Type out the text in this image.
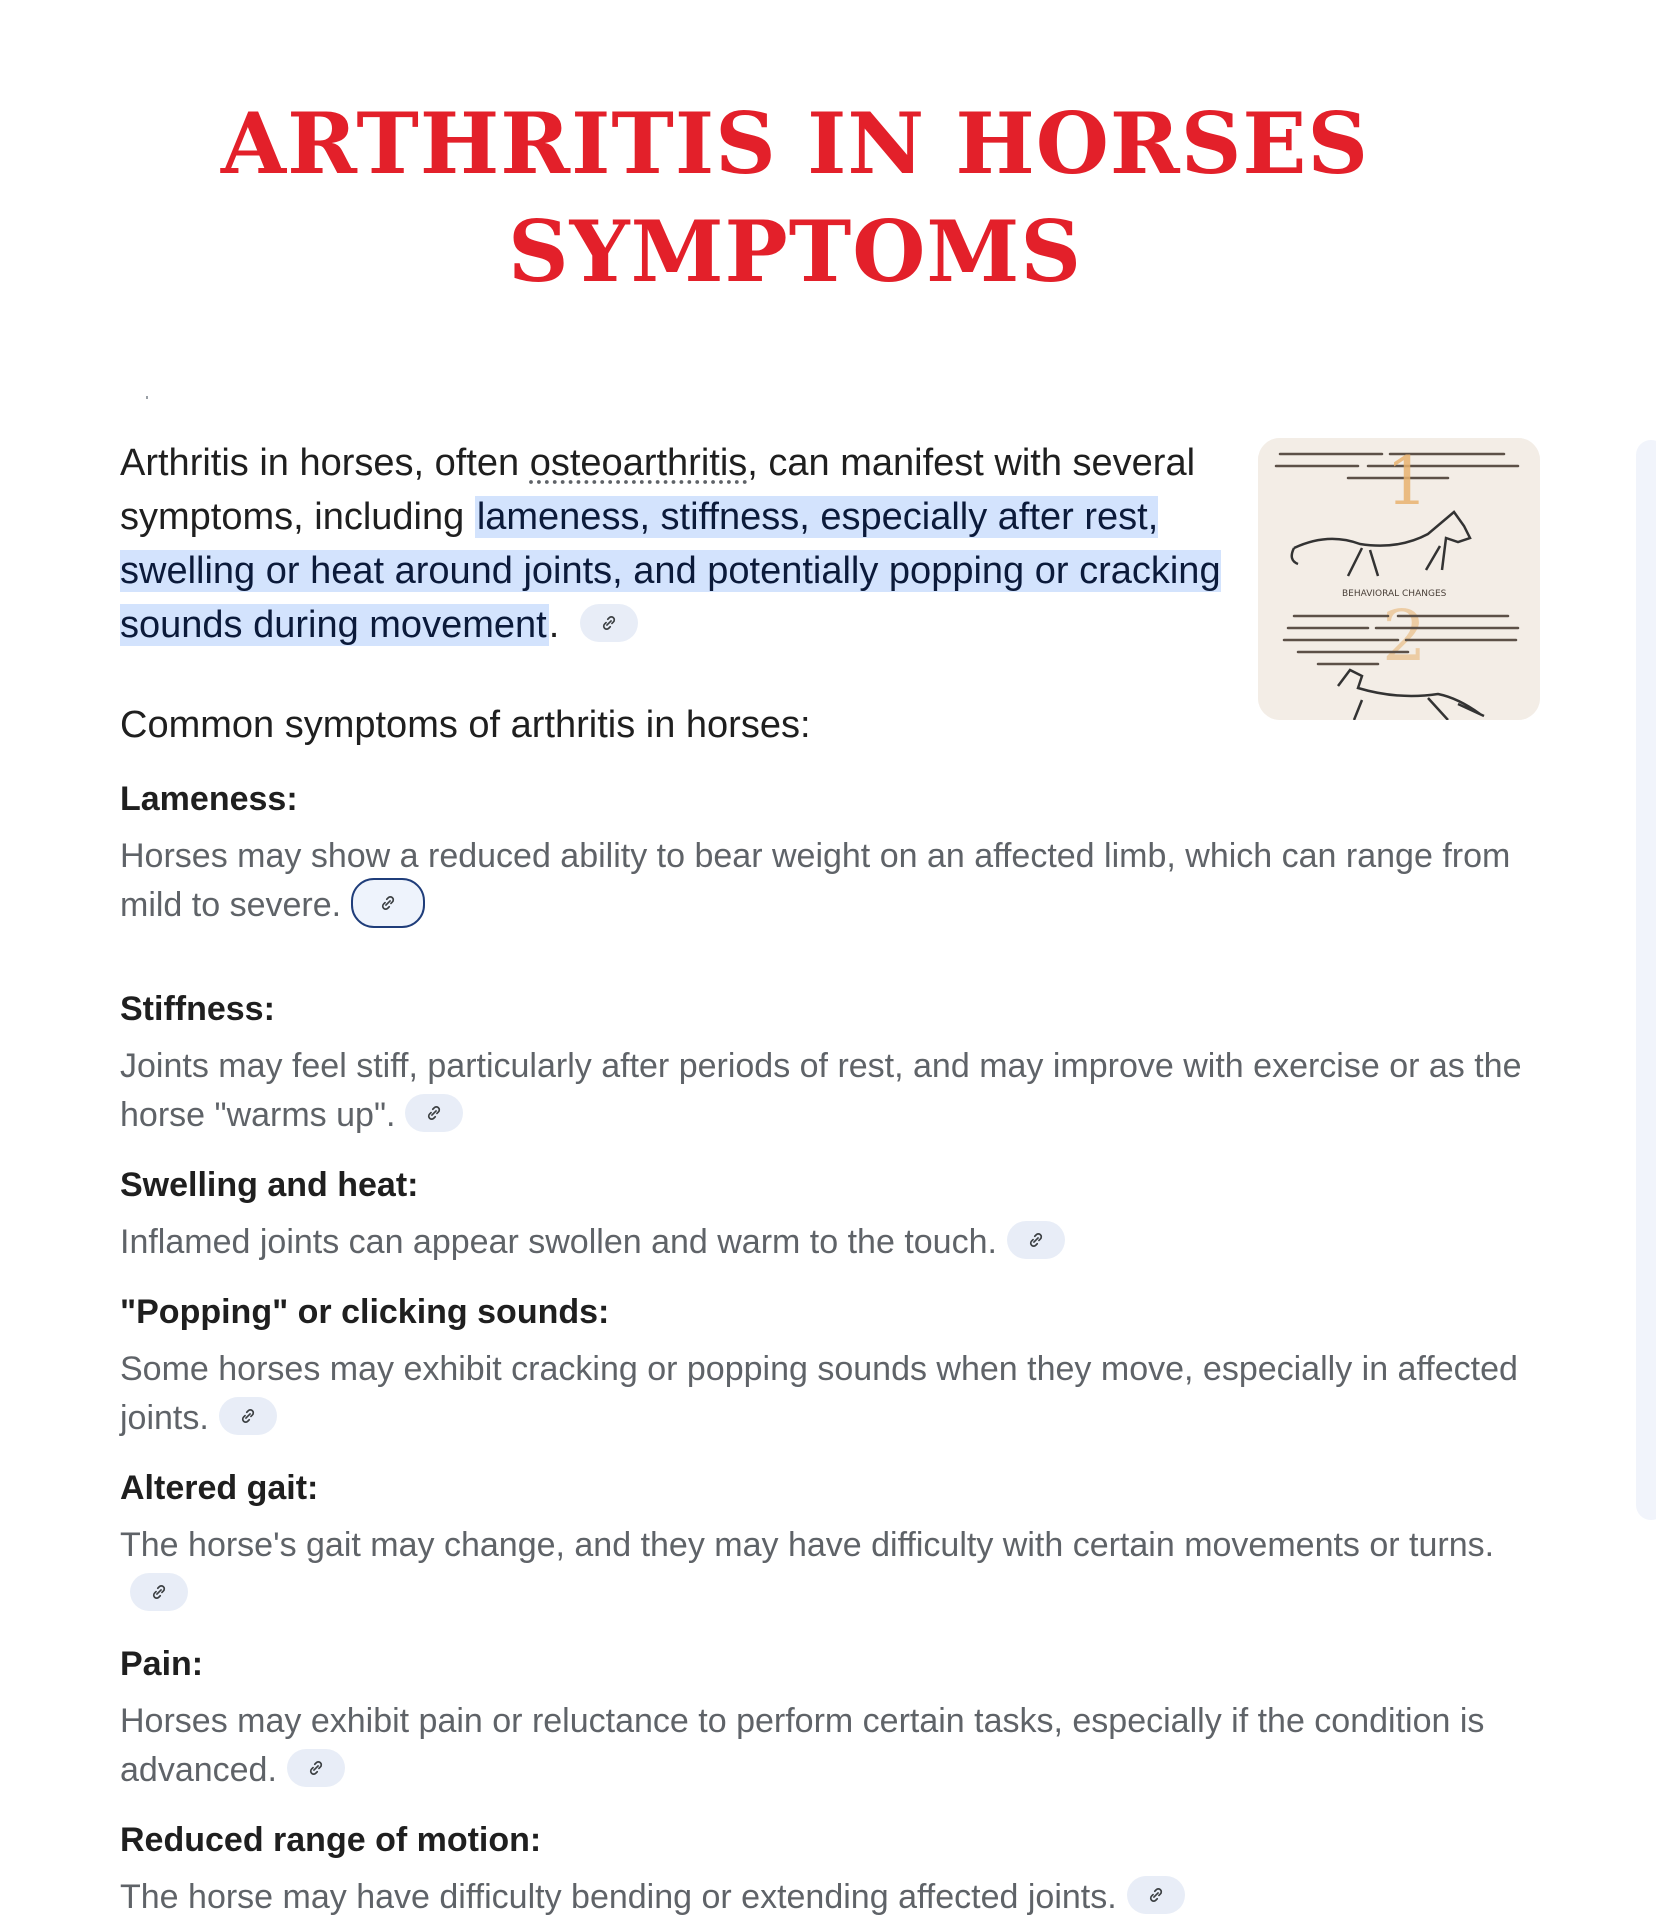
ARTHRITIS IN HORSES
SYMPTOMS
Arthritis in horses, often osteoarthritis, can manifest with several symptoms, including lameness, stiffness, especially after rest, swelling or heat around joints, and potentially popping or cracking sounds during movement.
1
2
BEHAVIORAL CHANGES
Common symptoms of arthritis in horses:
Lameness:
Horses may show a reduced ability to bear weight on an affected limb, which can range from mild to severe.
Stiffness:
Joints may feel stiff, particularly after periods of rest, and may improve with exercise or as the horse "warms up".
Swelling and heat:
Inflamed joints can appear swollen and warm to the touch.
"Popping" or clicking sounds:
Some horses may exhibit cracking or popping sounds when they move, especially in affected joints.
Altered gait:
The horse's gait may change, and they may have difficulty with certain movements or turns.
Pain:
Horses may exhibit pain or reluctance to perform certain tasks, especially if the condition is advanced.
Reduced range of motion:
The horse may have difficulty bending or extending affected joints.
